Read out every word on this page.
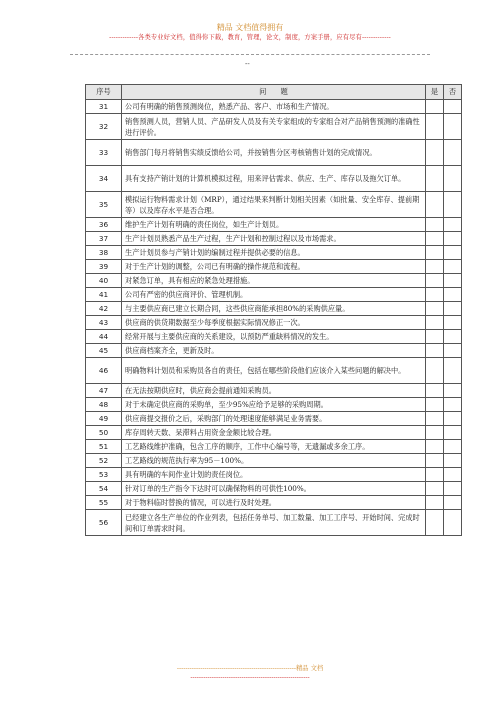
精品 文档值得拥有
-------------各类专业好文档，值得你下载，教育，管理，论文，制度，方案手册，应有尽有-------------
--
序号	问　　题	是	否
31	公司有明确的销售预测岗位，熟悉产品、客户、市场和生产情况。		
32	销售预测人员，营销人员、产品研发人员及有关专家组成的专家组合对产品销售预测的准确性进行评价。		
33	销售部门每月将销售实绩反馈给公司，并按销售分区考核销售计划的完成情况。		
34	具有支持产销计划的计算机模拟过程，用来评估需求、供应、生产、库存以及拖欠订单。		
35	模拟运行物料需求计划（MRP），通过结果来判断计划相关因素（如批量、安全库存、提前期等）以及库存水平是否合理。		
36	维护生产计划有明确的责任岗位，如生产计划员。		
37	生产计划员熟悉产品生产过程，生产计划和控制过程以及市场需求。		
38	生产计划员参与产销计划的编制过程并提供必要的信息。		
39	对于生产计划的调整，公司已有明确的操作规范和流程。		
40	对紧急订单，具有相应的紧急处理措施。		
41	公司有严密的供应商评价、管理机制。		
42	与主要供应商已建立长期合同，这些供应商能承担80%的采购供应量。		
43	供应商的供货期数据至少每季度根据实际情况修正一次。		
44	经常开展与主要供应商的关系建设，以预防严重缺料情况的发生。		
45	供应商档案齐全，更新及时。		
46	明确物料计划员和采购员各自的责任，包括在哪些阶段他们应该介入某些问题的解决中。		
47	在无法按期供应时，供应商会提前通知采购员。		
48	对于未确定供应商的采购单，至少95%应给予足够的采购周期。		
49	供应商提交报价之后，采购部门的处理速度能够满足业务需要。		
50	库存周转天数、呆滞料占用资金金额比较合理。		
51	工艺路线维护准确，包含工序的顺序，工作中心编号等，无遗漏或多余工序。		
52	工艺路线的规范执行率为95－100%。		
53	具有明确的车间作业计划的责任岗位。		
54	针对订单的生产指令下达时可以确保物料的可供性100%。		
55	对于物料临时替换的情况，可以进行及时处理。		
56	已经建立各生产单位的作业列表，包括任务单号、加工数量、加工工序号、开始时间、完成时间和订单需求时间。		
--------------------------------------------------------精品 文档
--------------------------------------------------------
